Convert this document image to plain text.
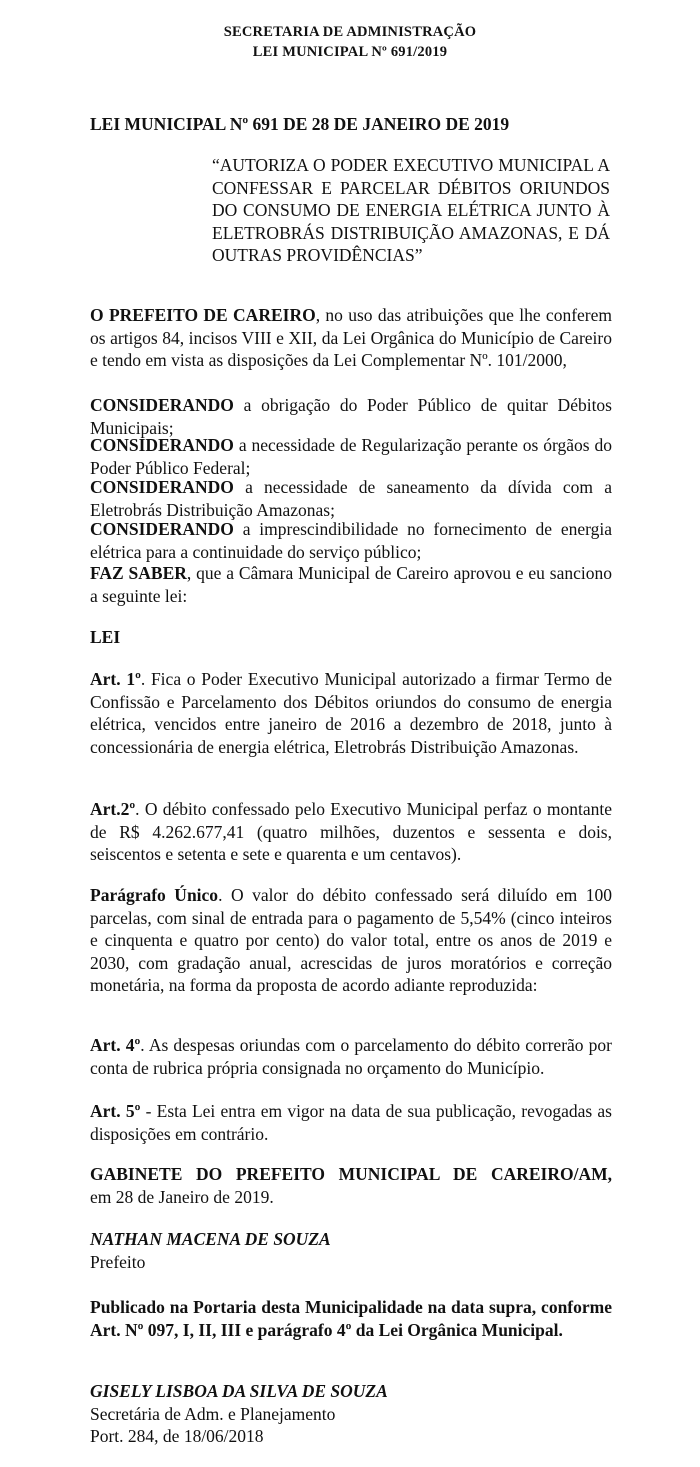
SECRETARIA DE ADMINISTRAÇÃO
LEI MUNICIPAL Nº 691/2019
LEI MUNICIPAL Nº 691 DE 28 DE JANEIRO DE 2019
“AUTORIZA O PODER EXECUTIVO MUNICIPAL A CONFESSAR E PARCELAR DÉBITOS ORIUNDOS DO CONSUMO DE ENERGIA ELÉTRICA JUNTO À ELETROBRÁS DISTRIBUIÇÃO AMAZONAS, E DÁ OUTRAS PROVIDÊNCIAS”
O PREFEITO DE CAREIRO, no uso das atribuições que lhe conferem os artigos 84, incisos VIII e XII, da Lei Orgânica do Município de Careiro e tendo em vista as disposições da Lei Complementar Nº. 101/2000,
CONSIDERANDO a obrigação do Poder Público de quitar Débitos Municipais;
CONSIDERANDO a necessidade de Regularização perante os órgãos do Poder Público Federal;
CONSIDERANDO a necessidade de saneamento da dívida com a Eletrobrás Distribuição Amazonas;
CONSIDERANDO a imprescindibilidade no fornecimento de energia elétrica para a continuidade do serviço público;
FAZ SABER, que a Câmara Municipal de Careiro aprovou e eu sanciono a seguinte lei:
LEI
Art. 1º. Fica o Poder Executivo Municipal autorizado a firmar Termo de Confissão e Parcelamento dos Débitos oriundos do consumo de energia elétrica, vencidos entre janeiro de 2016 a dezembro de 2018, junto à concessionária de energia elétrica, Eletrobrás Distribuição Amazonas.
Art.2º. O débito confessado pelo Executivo Municipal perfaz o montante de R$ 4.262.677,41 (quatro milhões, duzentos e sessenta e dois, seiscentos e setenta e sete e quarenta e um centavos).
Parágrafo Único. O valor do débito confessado será diluído em 100 parcelas, com sinal de entrada para o pagamento de 5,54% (cinco inteiros e cinquenta e quatro por cento) do valor total, entre os anos de 2019 e 2030, com gradação anual, acrescidas de juros moratórios e correção monetária, na forma da proposta de acordo adiante reproduzida:
Art. 4º. As despesas oriundas com o parcelamento do débito correrão por conta de rubrica própria consignada no orçamento do Município.
Art. 5º - Esta Lei entra em vigor na data de sua publicação, revogadas as disposições em contrário.
GABINETE DO PREFEITO MUNICIPAL DE CAREIRO/AM,
em 28 de Janeiro de 2019.
NATHAN MACENA DE SOUZA
Prefeito
Publicado na Portaria desta Municipalidade na data supra, conforme Art. Nº 097, I, II, III e parágrafo 4º da Lei Orgânica Municipal.
GISELY LISBOA DA SILVA DE SOUZA
Secretária de Adm. e Planejamento
Port. 284, de 18/06/2018
